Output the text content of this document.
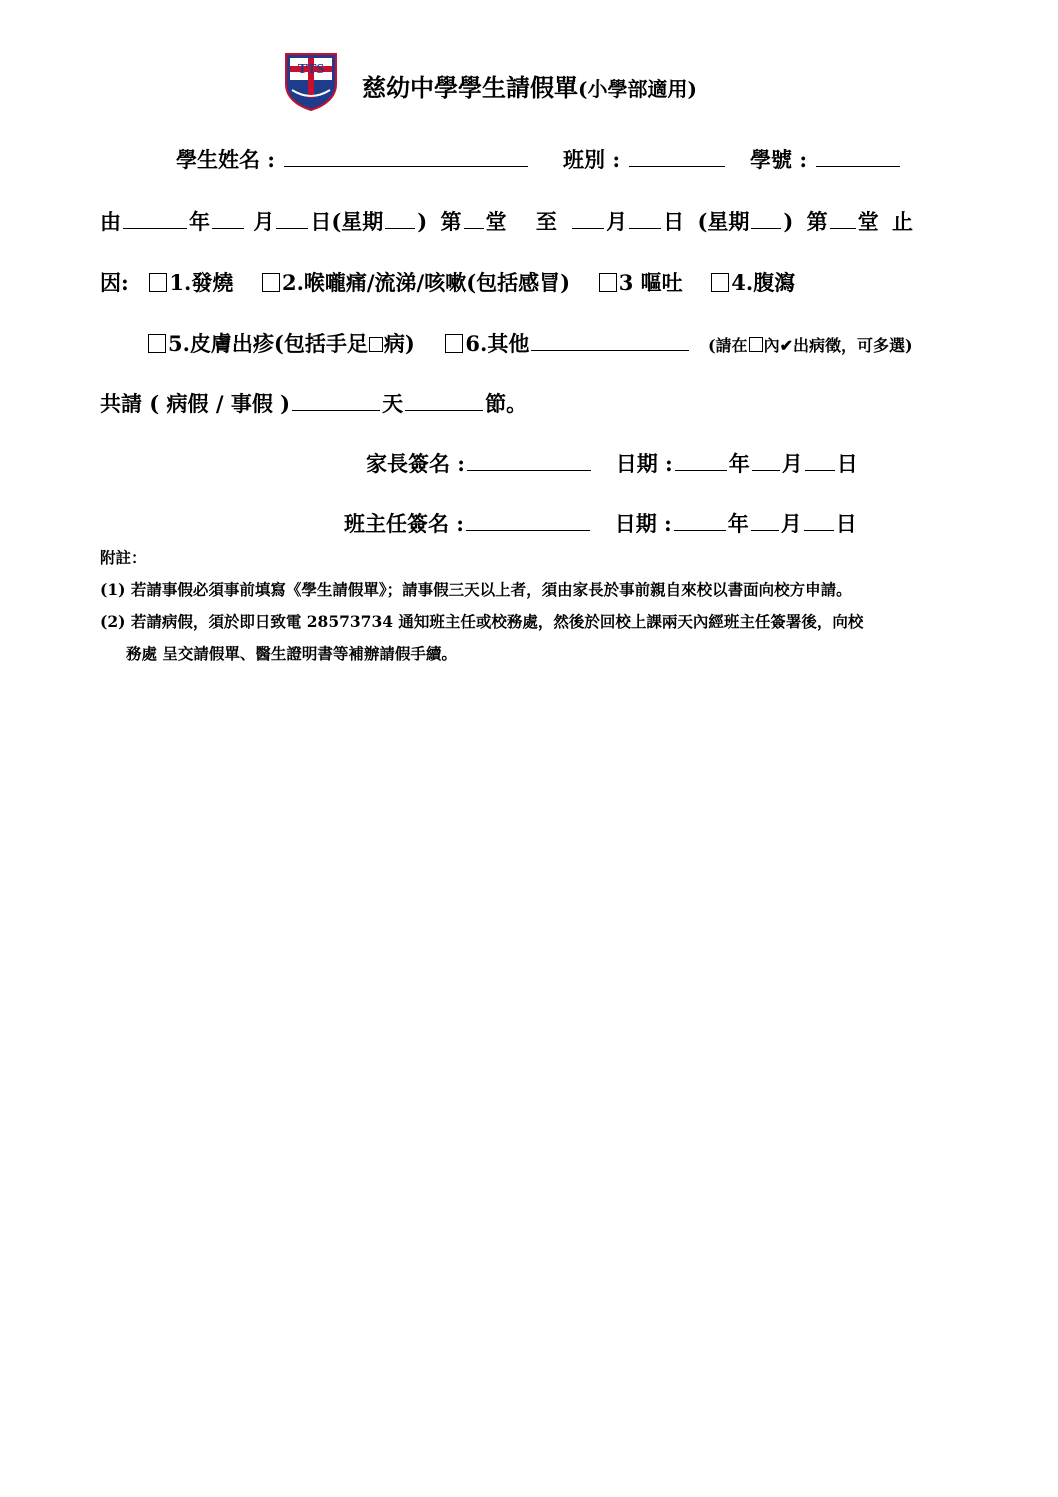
TTS
慈幼中學學生請假單(小學部適用)
學生姓名 :	班別 :	學號 :
由	年 月 日(星期 ) 第 堂 至 月 日 (星期 ) 第 堂 止
因: 1.發燒 2.喉嚨痛/流涕/咳嗽(包括感冒) 3 嘔吐 4.腹瀉
5.皮膚出疹(包括手足 病) 6.其他	(請在 內✔出病徵，可多選)
共請 ( 病假 / 事假 )	天	節。
家長簽名 :	日期 :	年 月 日
班主任簽名 :	日期 :	年 月 日
附註：
(1) 若請事假必須事前填寫《學生請假單》；請事假三天以上者，須由家長於事前親自來校以書面向校方申請。
(2) 若請病假，須於即日致電 28573734 通知班主任或校務處，然後於回校上課兩天內經班主任簽署後，向校
務處 呈交請假單、醫生證明書等補辦請假手續。
